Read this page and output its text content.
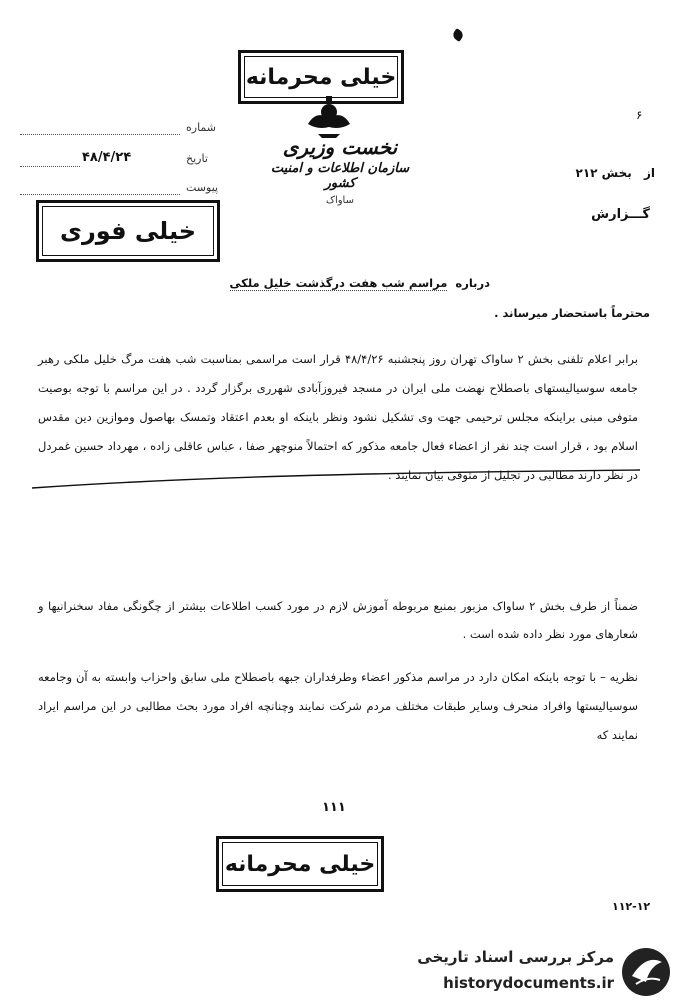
۶
خیلی محرمانه
نخست وزیری
سازمان اطلاعات و امنیت کشور
ساواک
شماره
تاریخ
۴۸/۴/۲۴
پیوست
از بخش ۲۱۲
گـــزارش
خیلی فوری
درباره مراسم شب هفت درگذشت خلیل ملکی
محترماً باستحضار میرساند .
برابر اعلام تلفنی بخش ۲ ساواک تهران روز پنجشنبه ۴۸/۴/۲۶ قرار است مراسمی بمناسبت شب هفت مرگ خلیل ملکی رهبر جامعه سوسیالیستهای باصطلاح نهضت ملی ایران در مسجد فیروزآبادی شهرری برگزار گردد . در این مراسم با توجه بوصیت متوفی مبنی براینکه مجلس ترحیمی جهت وی تشکیل نشود ونظر باینکه او بعدم اعتقاد وتمسک بهاصول وموازین دین مقدس اسلام بود ، قرار است چند نفر از اعضاء فعال جامعه مذکور که احتمالاً منوچهر صفا ، عباس عاقلی زاده ، مهرداد حسین غمردل در نظر دارند مطالبی در تجلیل از متوفی بیان نمایند .
ضمناً از طرف بخش ۲ ساواک مزبور بمنبع مربوطه آموزش لازم در مورد کسب اطلاعات بیشتر از چگونگی مفاد سخنرانیها و شعارهای مورد نظر داده شده است .
نظریه – با توجه باینکه امکان دارد در مراسم مذکور اعضاء وطرفداران جبهه باصطلاح ملی سابق واحزاب وابسته به آن وجامعه سوسیالیستها وافراد منحرف وسایر طبقات مختلف مردم شرکت نمایند وچنانچه افراد مورد بحث مطالبی در این مراسم ایراد نمایند که
۱۱۱
خیلی محرمانه
۱۱۲-۱۲
مرکز بررسی اسناد تاریخی
historydocuments.ir
